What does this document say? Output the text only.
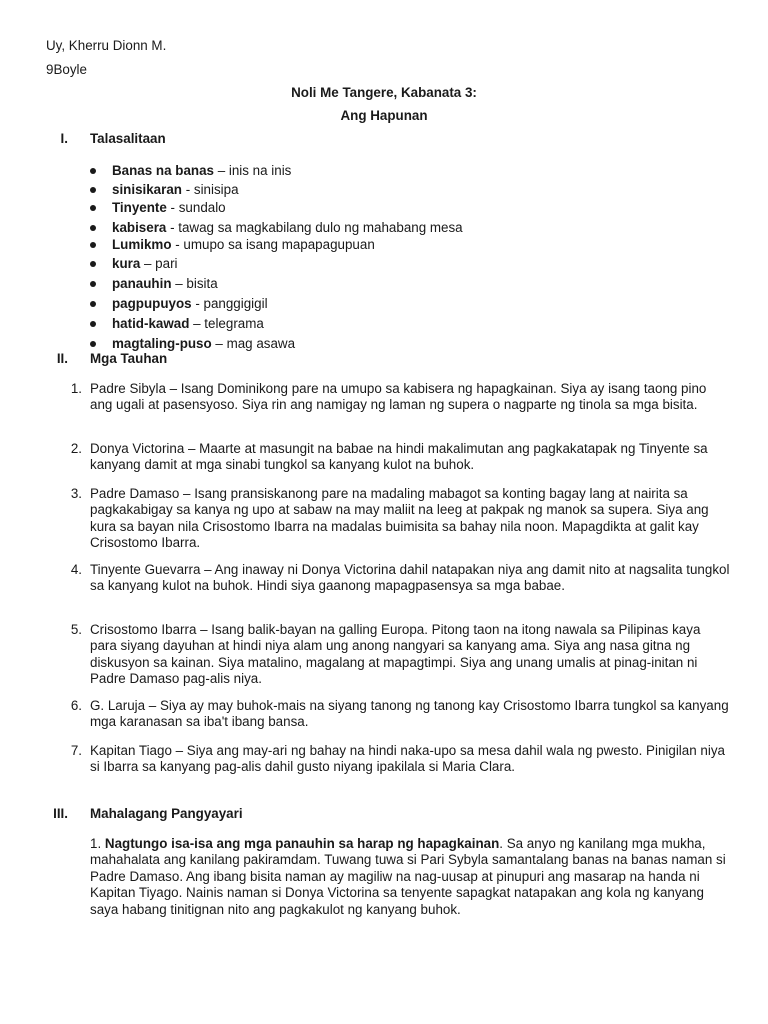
Uy, Kherru Dionn M.
9Boyle
Noli Me Tangere, Kabanata 3:
Ang Hapunan
I. Talasalitaan
Banas na banas – inis na inis
sinisikaran - sinisipa
Tinyente - sundalo
kabisera - tawag sa magkabilang dulo ng mahabang mesa
Lumikmo - umupo sa isang mapapagupuan
kura – pari
panauhin – bisita
pagpupuyos - panggigigil
hatid-kawad – telegrama
magtaling-puso – mag asawa
II. Mga Tauhan
1. Padre Sibyla – Isang Dominikong pare na umupo sa kabisera ng hapagkainan. Siya ay isang taong pino ang ugali at pasensyoso. Siya rin ang namigay ng laman ng supera o nagparte ng tinola sa mga bisita.
2. Donya Victorina – Maarte at masungit na babae na hindi makalimutan ang pagkakatapak ng Tinyente sa kanyang damit at mga sinabi tungkol sa kanyang kulot na buhok.
3. Padre Damaso – Isang pransiskanong pare na madaling mabagot sa konting bagay lang at nairita sa pagkakabigay sa kanya ng upo at sabaw na may maliit na leeg at pakpak ng manok sa supera. Siya ang kura sa bayan nila Crisostomo Ibarra na madalas buimisita sa bahay nila noon. Mapagdikta at galit kay Crisostomo Ibarra.
4. Tinyente Guevarra – Ang inaway ni Donya Victorina dahil natapakan niya ang damit nito at nagsalita tungkol sa kanyang kulot na buhok. Hindi siya gaanong mapagpasensya sa mga babae.
5. Crisostomo Ibarra – Isang balik-bayan na galling Europa. Pitong taon na itong nawala sa Pilipinas kaya para siyang dayuhan at hindi niya alam ung anong nangyari sa kanyang ama. Siya ang nasa gitna ng diskusyon sa kainan. Siya matalino, magalang at mapagtimpi. Siya ang unang umalis at pinag-initan ni Padre Damaso pag-alis niya.
6. G. Laruja – Siya ay may buhok-mais na siyang tanong ng tanong kay Crisostomo Ibarra tungkol sa kanyang mga karanasan sa iba't ibang bansa.
7. Kapitan Tiago – Siya ang may-ari ng bahay na hindi naka-upo sa mesa dahil wala ng pwesto. Pinigilan niya si Ibarra sa kanyang pag-alis dahil gusto niyang ipakilala si Maria Clara.
III. Mahalagang Pangyayari
1. Nagtungo isa-isa ang mga panauhin sa harap ng hapagkainan. Sa anyo ng kanilang mga mukha, mahahalata ang kanilang pakiramdam. Tuwang tuwa si Pari Sybyla samantalang banas na banas naman si Padre Damaso. Ang ibang bisita naman ay magiliw na nag-uusap at pinupuri ang masarap na handa ni Kapitan Tiyago. Nainis naman si Donya Victorina sa tenyente sapagkat natapakan ang kola ng kanyang saya habang tinitignan nito ang pagkakulot ng kanyang buhok.
